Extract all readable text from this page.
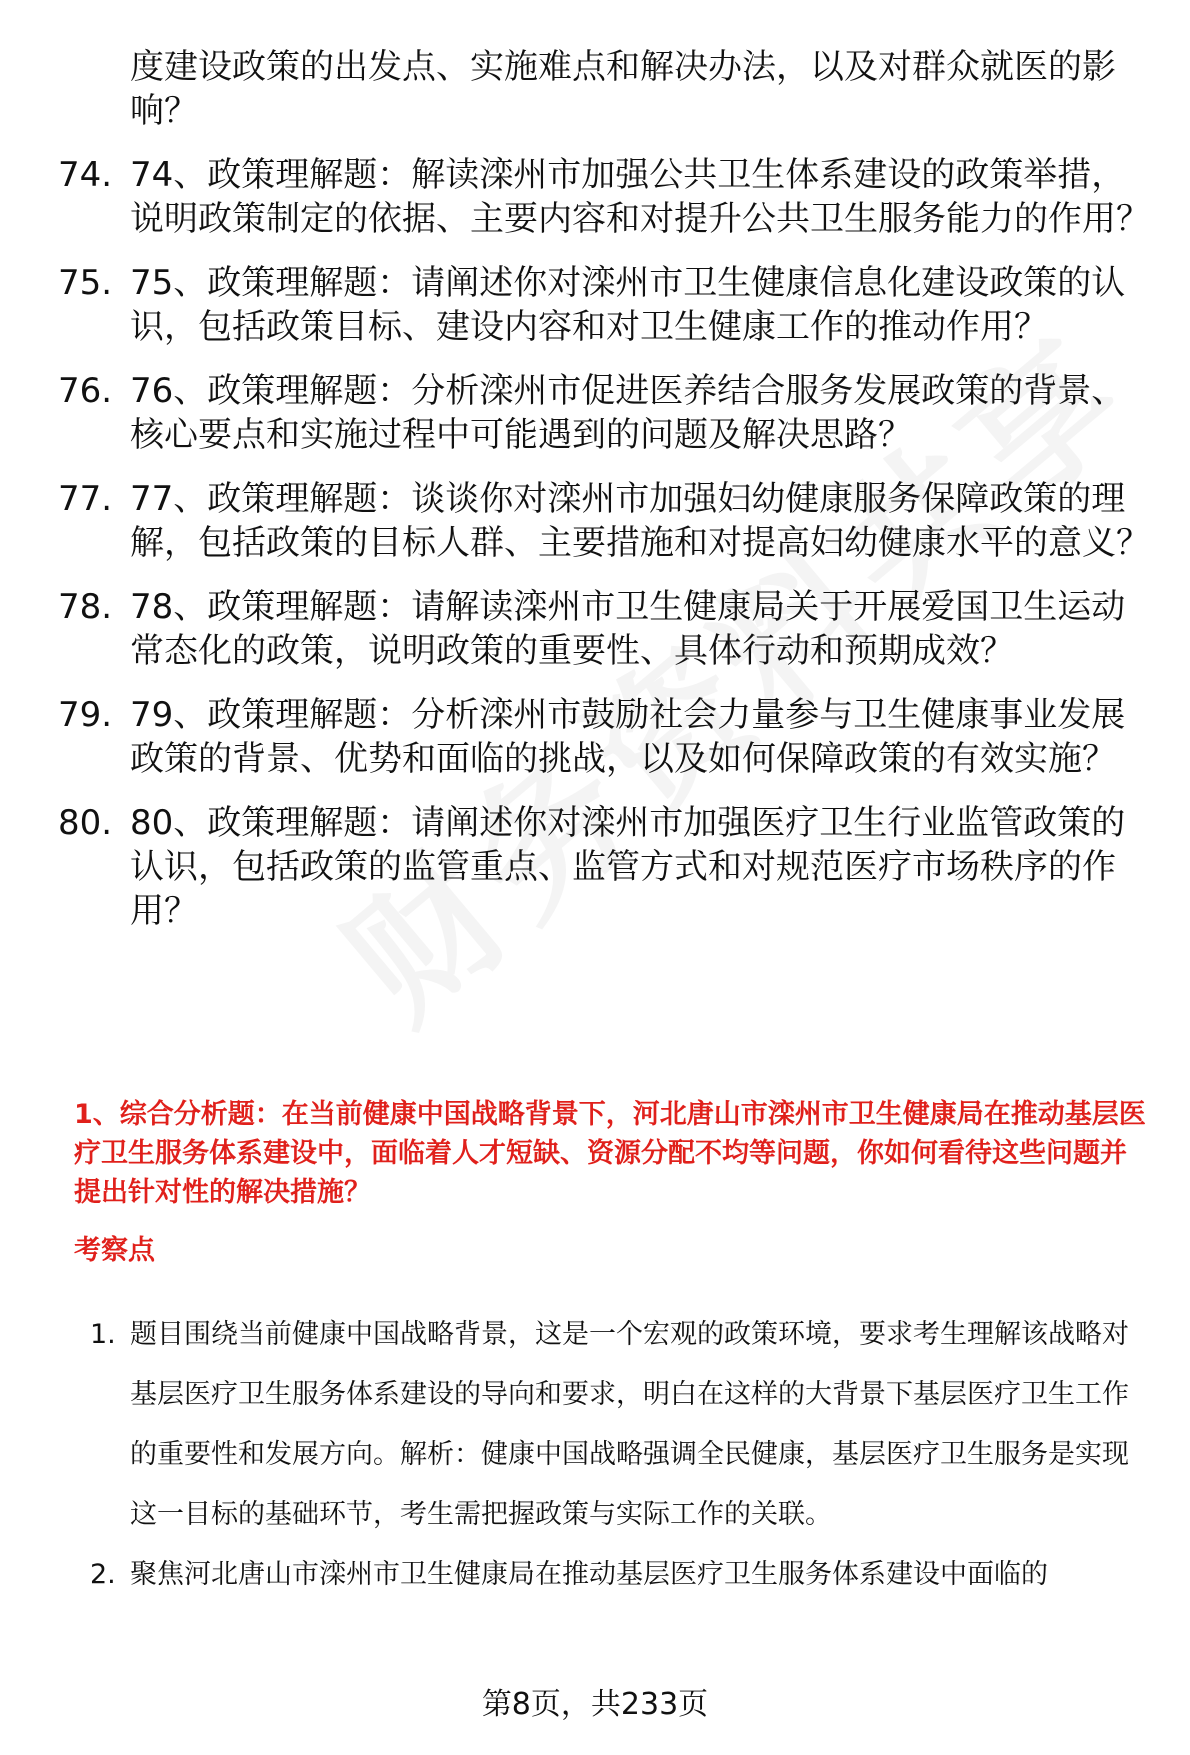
度建设政策的出发点、实施难点和解决办法，以及对群众就医的影响？
74. 74、政策理解题：解读滦州市加强公共卫生体系建设的政策举措，说明政策制定的依据、主要内容和对提升公共卫生服务能力的作用？
75. 75、政策理解题：请阐述你对滦州市卫生健康信息化建设政策的认识，包括政策目标、建设内容和对卫生健康工作的推动作用？
76. 76、政策理解题：分析滦州市促进医养结合服务发展政策的背景、核心要点和实施过程中可能遇到的问题及解决思路？
77. 77、政策理解题：谈谈你对滦州市加强妇幼健康服务保障政策的理解，包括政策的目标人群、主要措施和对提高妇幼健康水平的意义？
78. 78、政策理解题：请解读滦州市卫生健康局关于开展爱国卫生运动常态化的政策，说明政策的重要性、具体行动和预期成效？
79. 79、政策理解题：分析滦州市鼓励社会力量参与卫生健康事业发展政策的背景、优势和面临的挑战，以及如何保障政策的有效实施？
80. 80、政策理解题：请阐述你对滦州市加强医疗卫生行业监管政策的认识，包括政策的监管重点、监管方式和对规范医疗市场秩序的作用？
1、综合分析题：在当前健康中国战略背景下，河北唐山市滦州市卫生健康局在推动基层医疗卫生服务体系建设中，面临着人才短缺、资源分配不均等问题，你如何看待这些问题并提出针对性的解决措施？
考察点
1. 题目围绕当前健康中国战略背景，这是一个宏观的政策环境，要求考生理解该战略对基层医疗卫生服务体系建设的导向和要求，明白在这样的大背景下基层医疗卫生工作的重要性和发展方向。解析：健康中国战略强调全民健康，基层医疗卫生服务是实现这一目标的基础环节，考生需把握政策与实际工作的关联。
2. 聚焦河北唐山市滦州市卫生健康局在推动基层医疗卫生服务体系建设中面临的
第8页，共233页
